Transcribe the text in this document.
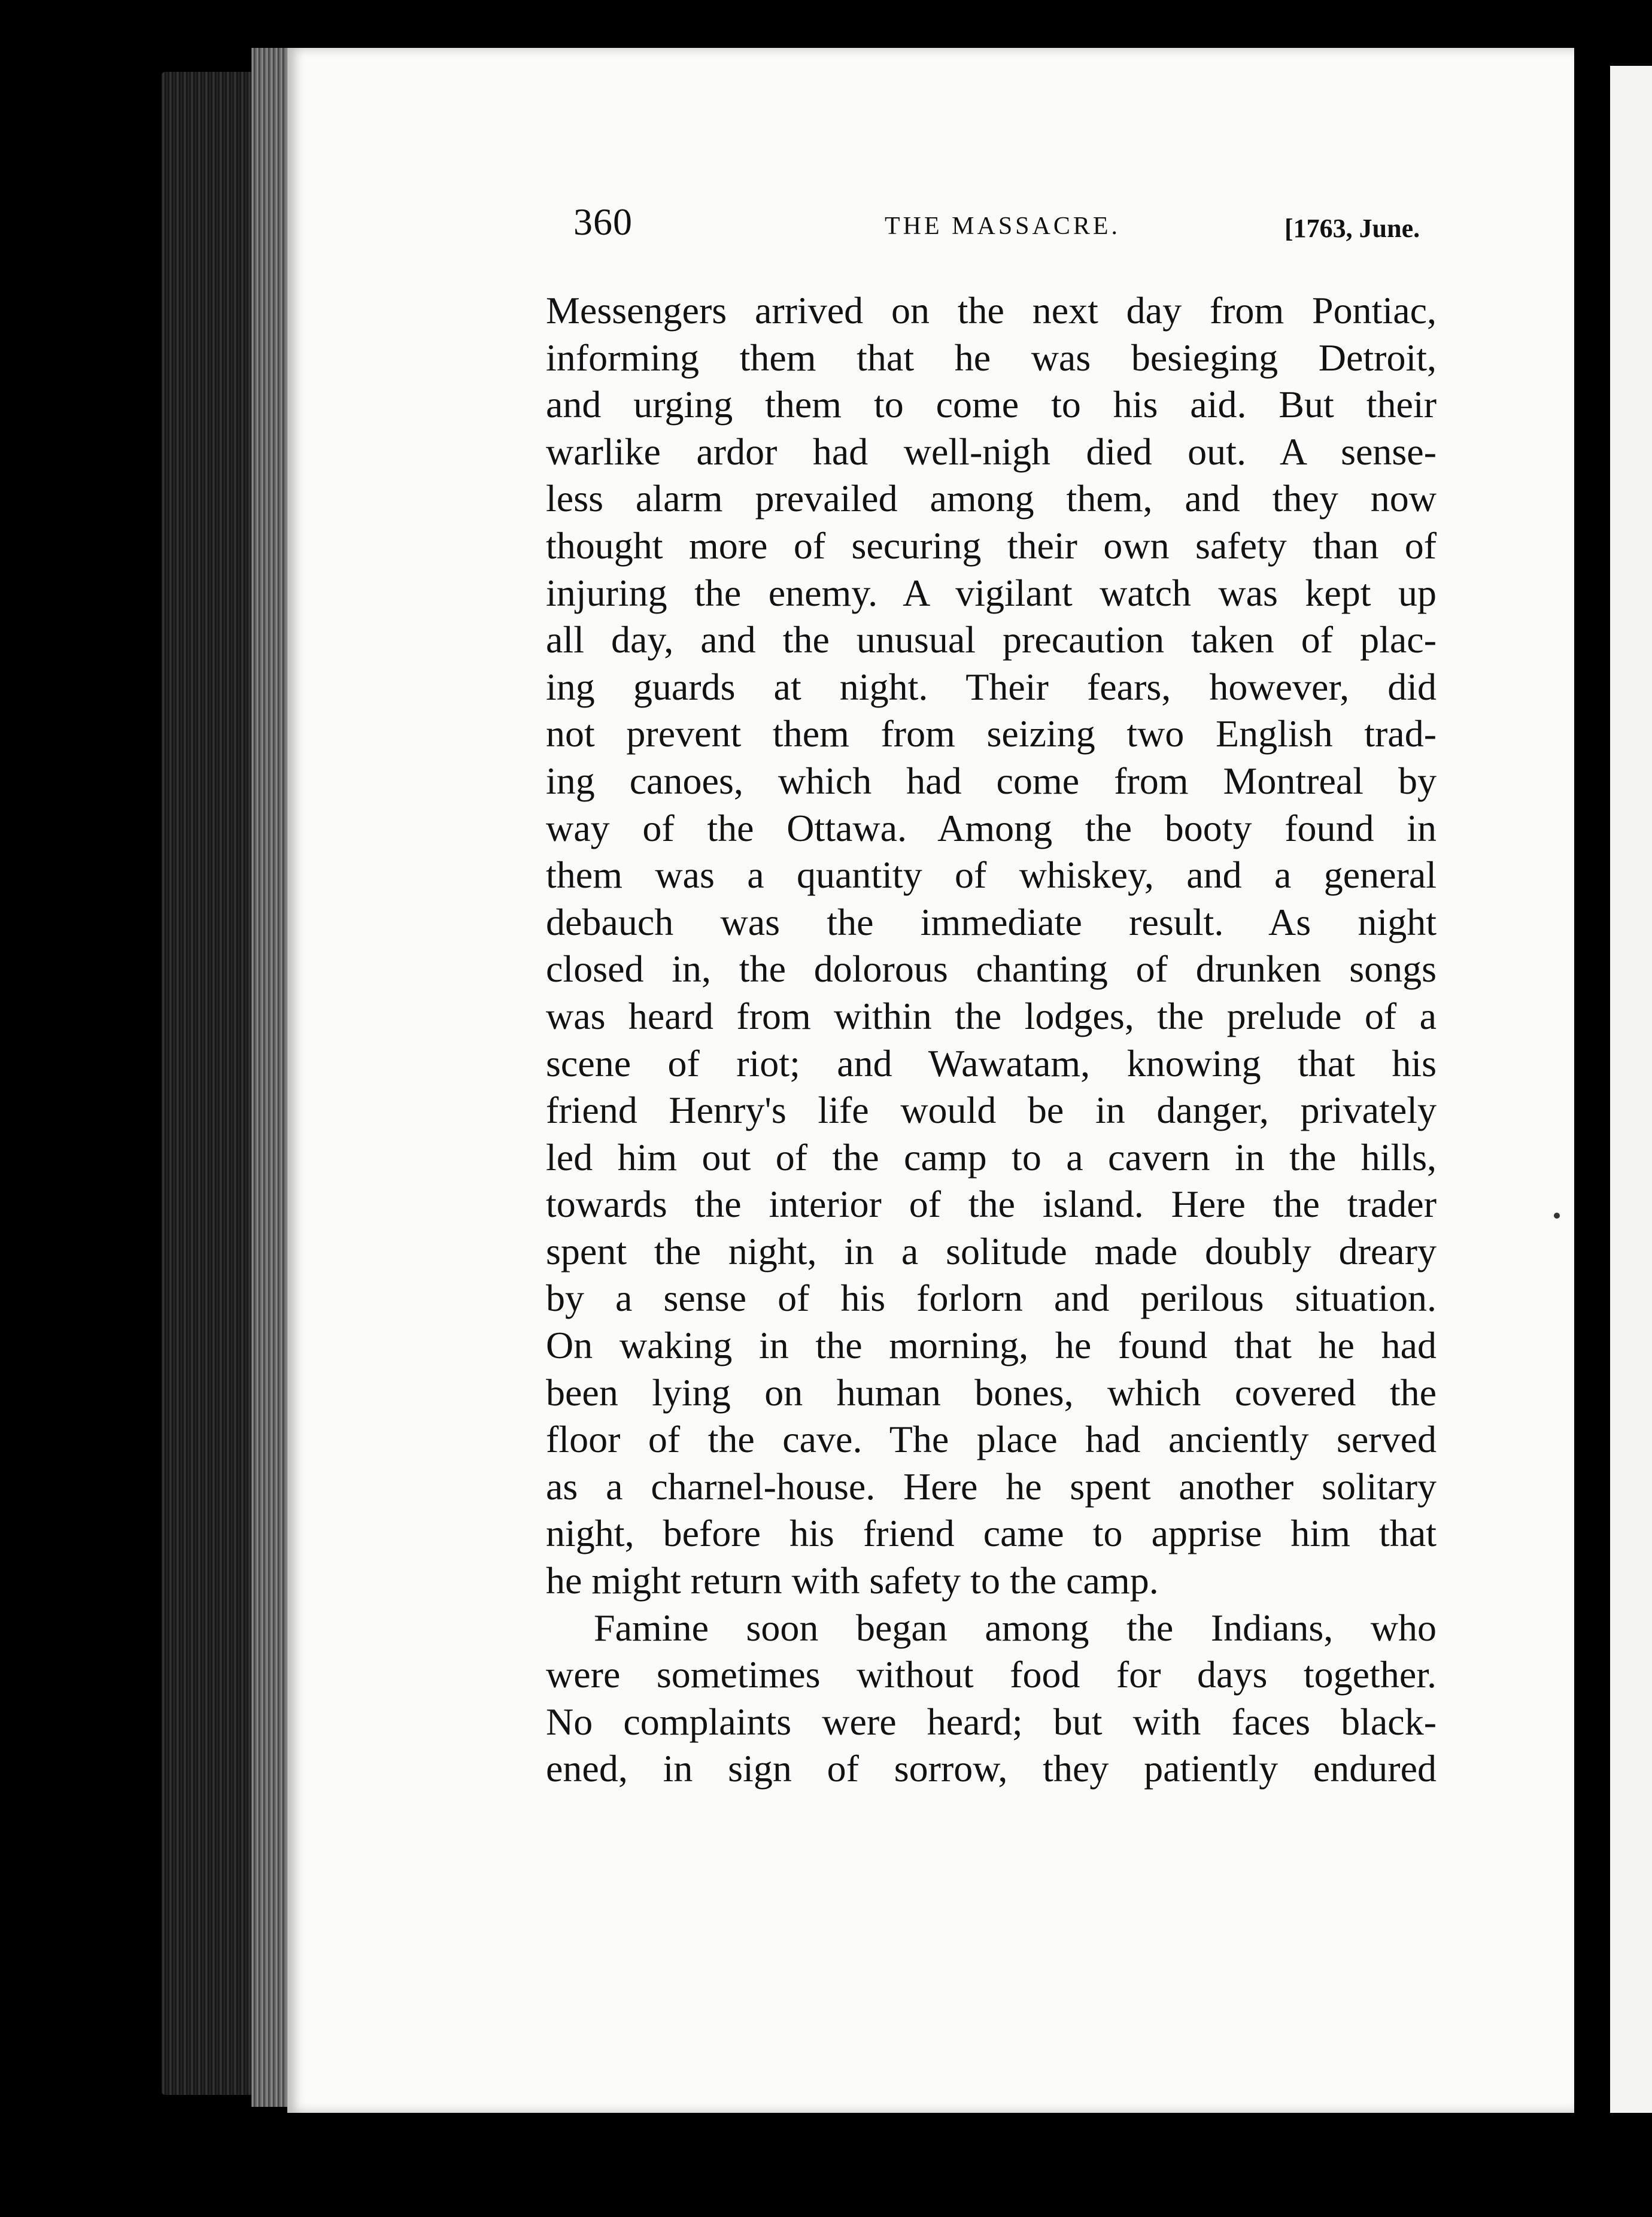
360	THE MASSACRE.	[1763, June.
Messengers arrived on the next day from Pontiac,
informing them that he was besieging Detroit,
and urging them to come to his aid. But their
warlike ardor had well-nigh died out. A sense-
less alarm prevailed among them, and they now
thought more of securing their own safety than of
injuring the enemy. A vigilant watch was kept up
all day, and the unusual precaution taken of plac-
ing guards at night. Their fears, however, did
not prevent them from seizing two English trad-
ing canoes, which had come from Montreal by
way of the Ottawa. Among the booty found in
them was a quantity of whiskey, and a general
debauch was the immediate result. As night
closed in, the dolorous chanting of drunken songs
was heard from within the lodges, the prelude of a
scene of riot; and Wawatam, knowing that his
friend Henry's life would be in danger, privately
led him out of the camp to a cavern in the hills,
towards the interior of the island. Here the trader
spent the night, in a solitude made doubly dreary
by a sense of his forlorn and perilous situation.
On waking in the morning, he found that he had
been lying on human bones, which covered the
floor of the cave. The place had anciently served
as a charnel-house. Here he spent another solitary
night, before his friend came to apprise him that
he might return with safety to the camp.
Famine soon began among the Indians, who
were sometimes without food for days together.
No complaints were heard; but with faces black-
ened, in sign of sorrow, they patiently endured
